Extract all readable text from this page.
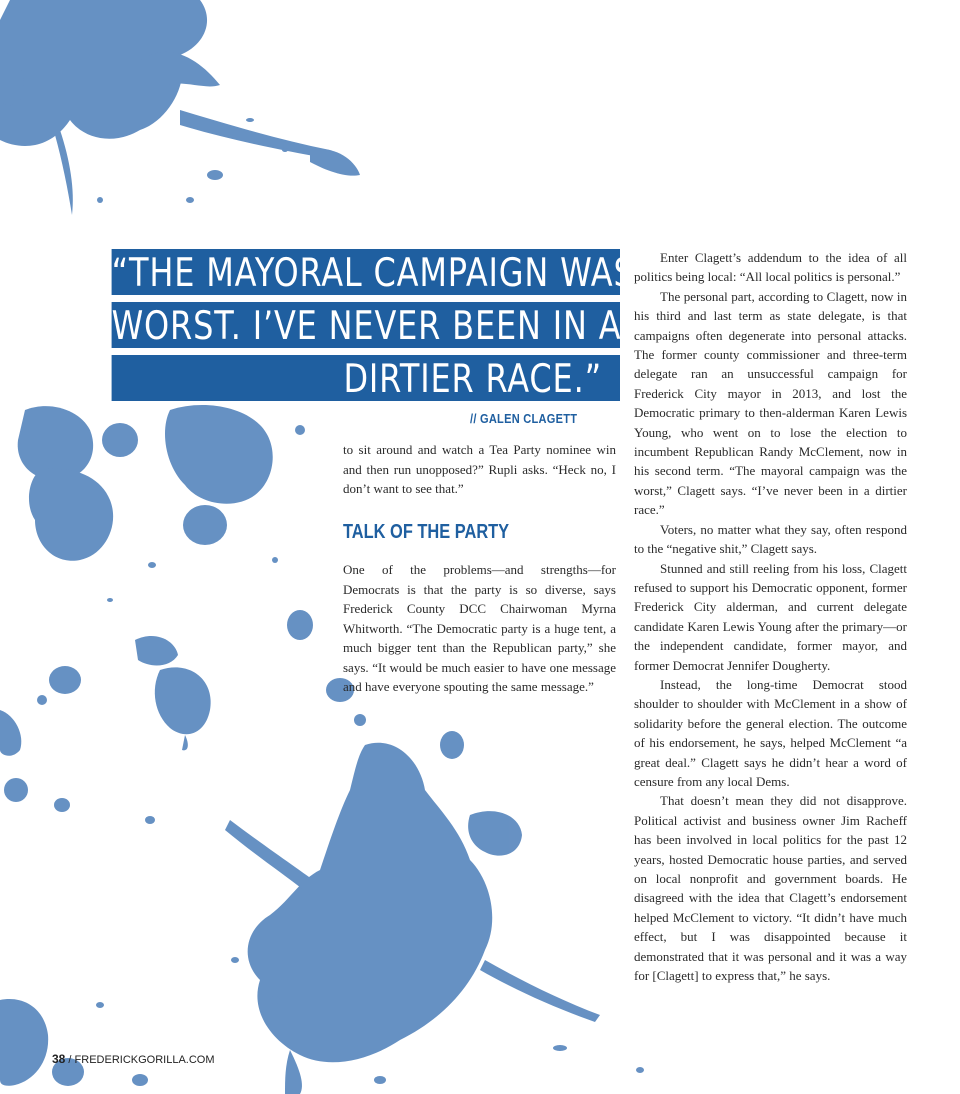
“THE MAYORAL CAMPAIGN WAS THE
WORST. I’VE NEVER BEEN IN A
DIRTIER RACE.”
// GALEN CLAGETT

to sit around and watch a Tea Party nominee win and then run unopposed?” Rupli asks. “Heck no, I don’t want to see that.”

TALK OF THE PARTY

One of the problems—and strengths—for Democrats is that the party is so diverse, says Frederick County DCC Chairwoman Myrna Whitworth. “The Democratic party is a huge tent, a much bigger tent than the Republican party,” she says. “It would be much easier to have one message and have everyone spouting the same message.”

Enter Clagett’s addendum to the idea of all politics being local: “All local politics is personal.”

The personal part, according to Clagett, now in his third and last term as state delegate, is that campaigns often degenerate into personal attacks. The former county commissioner and three-term delegate ran an unsuccessful campaign for Frederick City mayor in 2013, and lost the Democratic primary to then-alderman Karen Lewis Young, who went on to lose the election to incumbent Republican Randy McClement, now in his second term. “The mayoral campaign was the worst,” Clagett says. “I’ve never been in a dirtier race.”

Voters, no matter what they say, often respond to the “negative shit,” Clagett says.

Stunned and still reeling from his loss, Clagett refused to support his Democratic opponent, former Frederick City alderman, and current delegate candidate Karen Lewis Young after the primary—or the independent candidate, former mayor, and former Democrat Jennifer Dougherty.

Instead, the long-time Democrat stood shoulder to shoulder with McClement in a show of solidarity before the general election. The outcome of his endorsement, he says, helped McClement “a great deal.” Clagett says he didn’t hear a word of censure from any local Dems.

That doesn’t mean they did not disapprove. Political activist and business owner Jim Racheff has been involved in local politics for the past 12 years, hosted Democratic house parties, and served on local nonprofit and government boards. He disagreed with the idea that Clagett’s endorsement helped McClement to victory. “It didn’t have much effect, but I was disappointed because it demonstrated that it was personal and it was a way for [Clagett] to express that,” he says.

38 / FREDERICKGORILLA.COM
